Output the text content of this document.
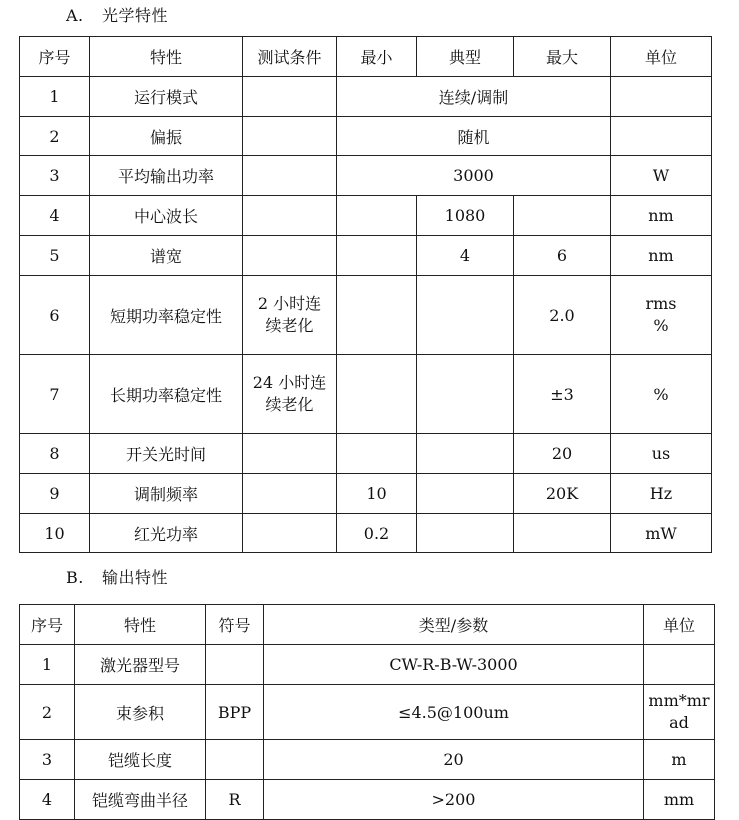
A. 光学特性
序号	特性	测试条件	最小	典型	最大	单位
1	运行模式		连续/调制			
2	偏振		随机			
3	平均输出功率		3000			W
4	中心波长			1080		nm
5	谱宽			4	6	nm
6	短期功率稳定性	2 小时连
续老化			2.0	rms
%

7	长期功率稳定性	24 小时连
续老化			±3	%
8	开关光时间				20	us
9	调制频率		10		20K	Hz
10	红光功率		0.2			mW
B. 输出特性
序号	特性	符号	类型/参数	单位
1	激光器型号		CW-R-B-W-3000	
2	束参积	BPP	≤4.5@100um	mm*mr
ad

3	铠缆长度		20	m
4	铠缆弯曲半径	R	>200	mm
